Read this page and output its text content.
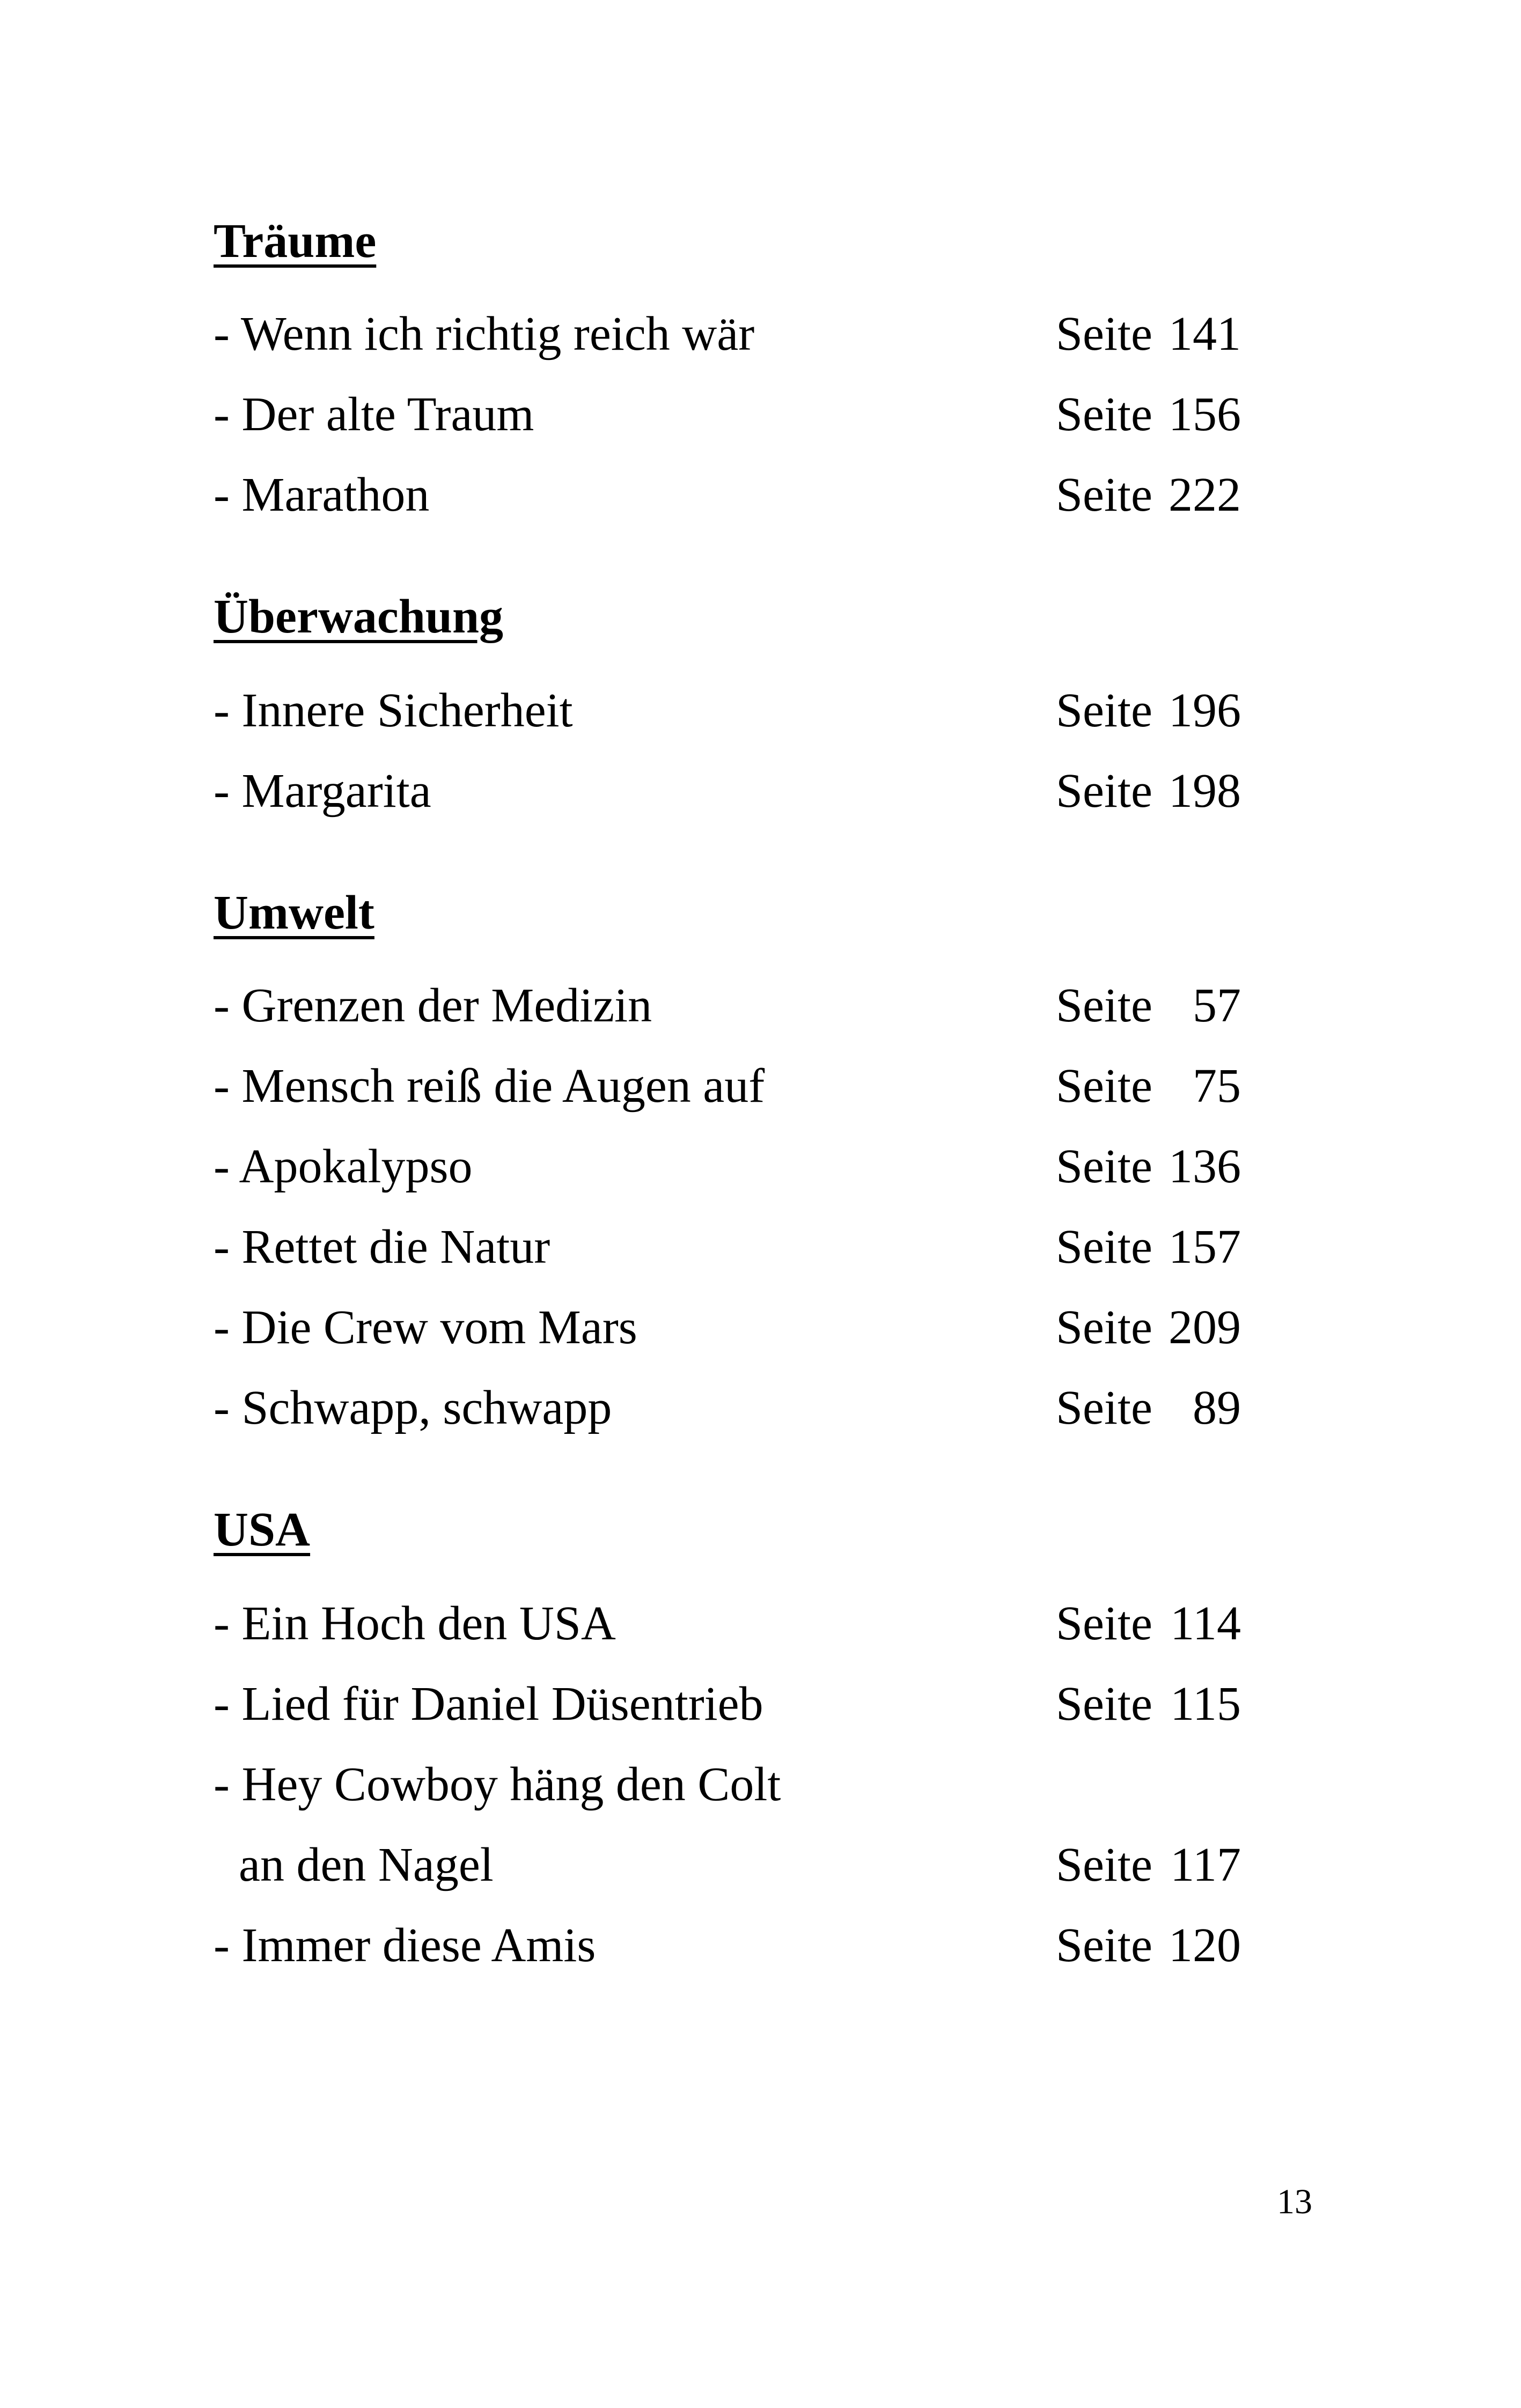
Träume
- Wenn ich richtig reich wär	Seite 141
- Der alte Traum	Seite 156
- Marathon	Seite 222
Überwachung
- Innere Sicherheit	Seite 196
- Margarita	Seite 198
Umwelt
- Grenzen der Medizin	Seite 57
- Mensch reiß die Augen auf	Seite 75
- Apokalypso	Seite 136
- Rettet die Natur	Seite 157
- Die Crew vom Mars	Seite 209
- Schwapp, schwapp	Seite 89
USA
- Ein Hoch den USA	Seite 114
- Lied für Daniel Düsentrieb	Seite 115
- Hey Cowboy häng den Colt
an den Nagel	Seite 117
- Immer diese Amis	Seite 120
13
